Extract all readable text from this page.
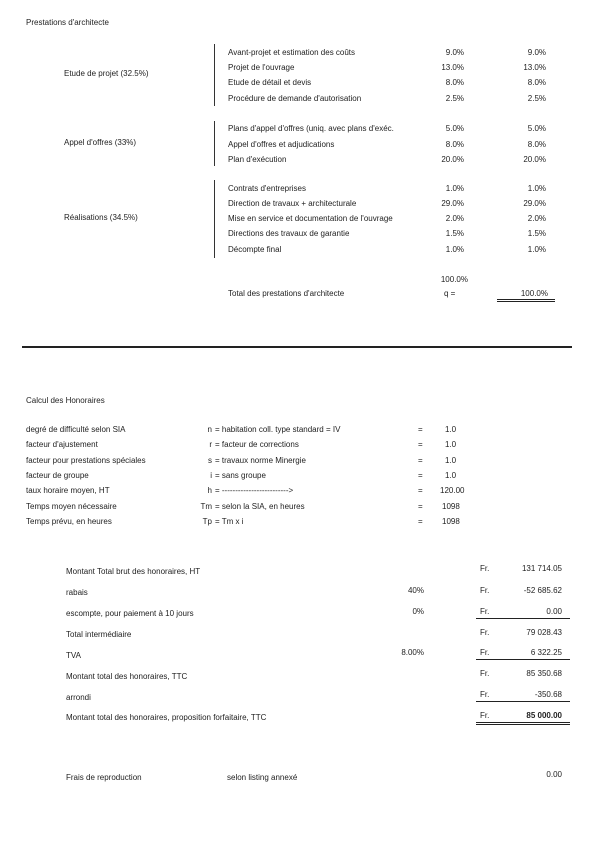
Prestations d'architecte
Etude de projet (32.5%)
Avant-projet et estimation des coûts	9.0%	9.0%
Projet de l'ouvrage	13.0%	13.0%
Etude de détail et devis	8.0%	8.0%
Procédure de demande d'autorisation	2.5%	2.5%
Appel d'offres (33%)
Plans d'appel d'offres (uniq. avec plans d'exéc.	5.0%	5.0%
Appel d'offres et adjudications	8.0%	8.0%
Plan d'exécution	20.0%	20.0%
Réalisations (34.5%)
Contrats d'entreprises	1.0%	1.0%
Direction de travaux + architecturale	29.0%	29.0%
Mise en service et documentation de l'ouvrage	2.0%	2.0%
Directions des travaux de garantie	1.5%	1.5%
Décompte final	1.0%	1.0%
100.0%
Total des prestations d'architecte	q =	100.0%
Calcul des Honoraires
degré de difficulté selon SIA	n = habitation coll. type standard = IV	=	1.0
facteur d'ajustement	r = facteur de corrections	=	1.0
facteur pour prestations spéciales	s = travaux norme Minergie	=	1.0
facteur de groupe	i = sans groupe	=	1.0
taux horaire moyen, HT	h = ------------------------->	= 120.00
Temps moyen nécessaire	Tm = selon la SIA, en heures	= 1098
Temps prévu, en heures	Tp = Tm x i	= 1098
Montant Total brut des honoraires, HT	Fr.	131 714.05
rabais	40%	Fr.	-52 685.62
escompte, pour paiement à 10 jours	0%	Fr.	0.00
Total intermédiaire	Fr.	79 028.43
TVA	8.00%	Fr.	6 322.25
Montant total des honoraires, TTC	Fr.	85 350.68
arrondi	Fr.	-350.68
Montant total des honoraires, proposition forfaitaire, TTC	Fr.	85 000.00
Frais de reproduction	selon listing annexé	0.00
